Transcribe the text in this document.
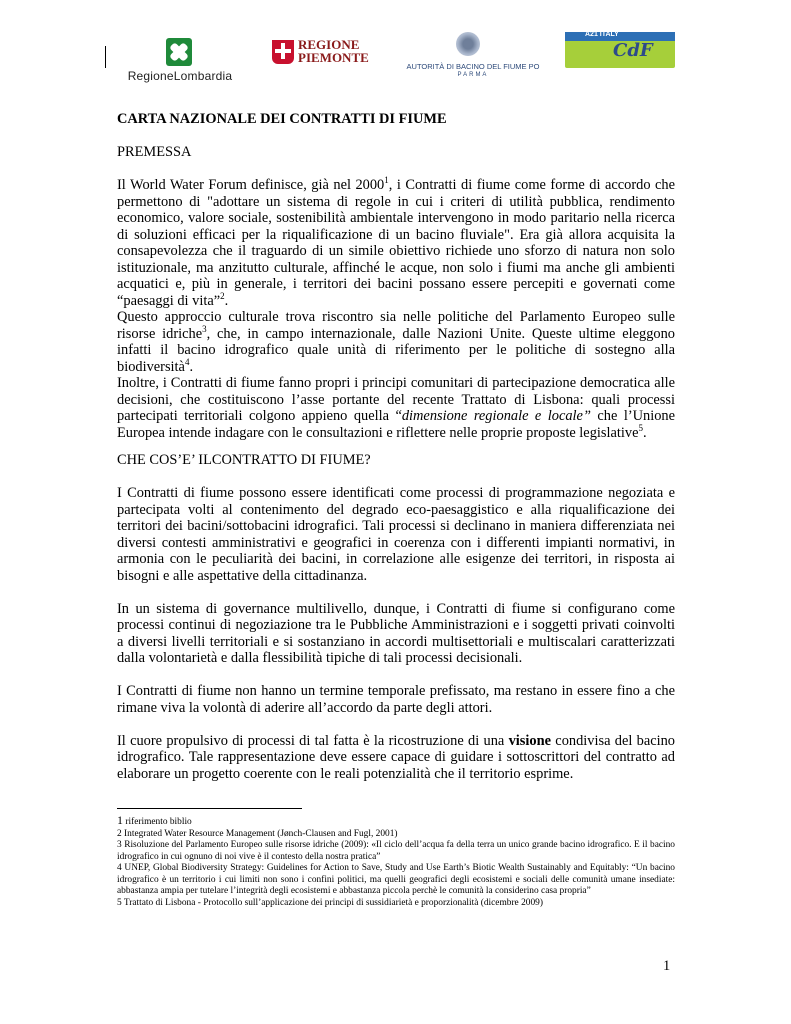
RegioneLombardia
REGIONE
PIEMONTE
AUTORITÀ DI BACINO DEL FIUME PO
PARMA
A21 ITALY
CdF
CARTA NAZIONALE DEI CONTRATTI DI FIUME

PREMESSA

Il World Water Forum definisce, già nel 2000$^1$, i Contratti di fiume come forme di accordo che permettono di "adottare un sistema di regole in cui i criteri di utilità pubblica, rendimento economico, valore sociale, sostenibilità ambientale intervengono in modo paritario nella ricerca di soluzioni efficaci per la riqualificazione di un bacino fluviale". Era già allora acquisita la consapevolezza che il traguardo di un simile obiettivo richiede uno sforzo di natura non solo istituzionale, ma anzitutto culturale, affinché le acque, non solo i fiumi ma anche gli ambienti acquatici e, più in generale, i territori dei bacini possano essere percepiti e governati come “paesaggi di vita”$^2$.

Questo approccio culturale trova riscontro sia nelle politiche del Parlamento Europeo sulle risorse idriche$^3$, che, in campo internazionale, dalle Nazioni Unite. Queste ultime eleggono infatti il bacino idrografico quale unità di riferimento per le politiche di sostegno alla biodiversità$^4$.

Inoltre, i Contratti di fiume fanno propri i principi comunitari di partecipazione democratica alle decisioni, che costituiscono l’asse portante del recente Trattato di Lisbona: quali processi partecipati territoriali colgono appieno quella “dimensione regionale e locale” che l’Unione Europea intende indagare con le consultazioni e riflettere nelle proprie proposte legislative$^5$.

CHE COS’E’ ILCONTRATTO DI FIUME?

I Contratti di fiume possono essere identificati come processi di programmazione negoziata e partecipata volti al contenimento del degrado eco-paesaggistico e alla riqualificazione dei territori dei bacini/sottobacini idrografici. Tali processi si declinano in maniera differenziata nei diversi contesti amministrativi e geografici in coerenza con i differenti impianti normativi, in armonia con le peculiarità dei bacini, in correlazione alle esigenze dei territori, in risposta ai bisogni e alle aspettative della cittadinanza.

In un sistema di governance multilivello, dunque, i Contratti di fiume si configurano come processi continui di negoziazione tra le Pubbliche Amministrazioni e i soggetti privati coinvolti a diversi livelli territoriali e si sostanziano in accordi multisettoriali e multiscalari caratterizzati dalla volontarietà e dalla flessibilità tipiche di tali processi decisionali.

I Contratti di fiume non hanno un termine temporale prefissato, ma restano in essere fino a che rimane viva la volontà di aderire all’accordo da parte degli attori.

Il cuore propulsivo di processi di tal fatta è la ricostruzione di una visione condivisa del bacino idrografico. Tale rappresentazione deve essere capace di guidare i sottoscrittori del contratto ad elaborare un progetto coerente con le reali potenzialità che il territorio esprime.

1 riferimento biblio

2 Integrated Water Resource Management (Jønch-Clausen and Fugl, 2001)

3 Risoluzione del Parlamento Europeo sulle risorse idriche (2009): «Il ciclo dell’acqua fa della terra un unico grande bacino idrografico. E il bacino idrografico in cui ognuno di noi vive è il contesto della nostra pratica”

4 UNEP, Global Biodiversity Strategy: Guidelines for Action to Save, Study and Use Earth’s Biotic Wealth Sustainably and Equitably: “Un bacino idrografico è un territorio i cui limiti non sono i confini politici, ma quelli geografici degli ecosistemi e sociali delle comunità umane insediate: abbastanza ampia per tutelare l’integrità degli ecosistemi e abbastanza piccola perchè le comunità la considerino casa propria”

5 Trattato di Lisbona - Protocollo sull’applicazione dei principi di sussidiarietà e proporzionalità (dicembre 2009)

1
